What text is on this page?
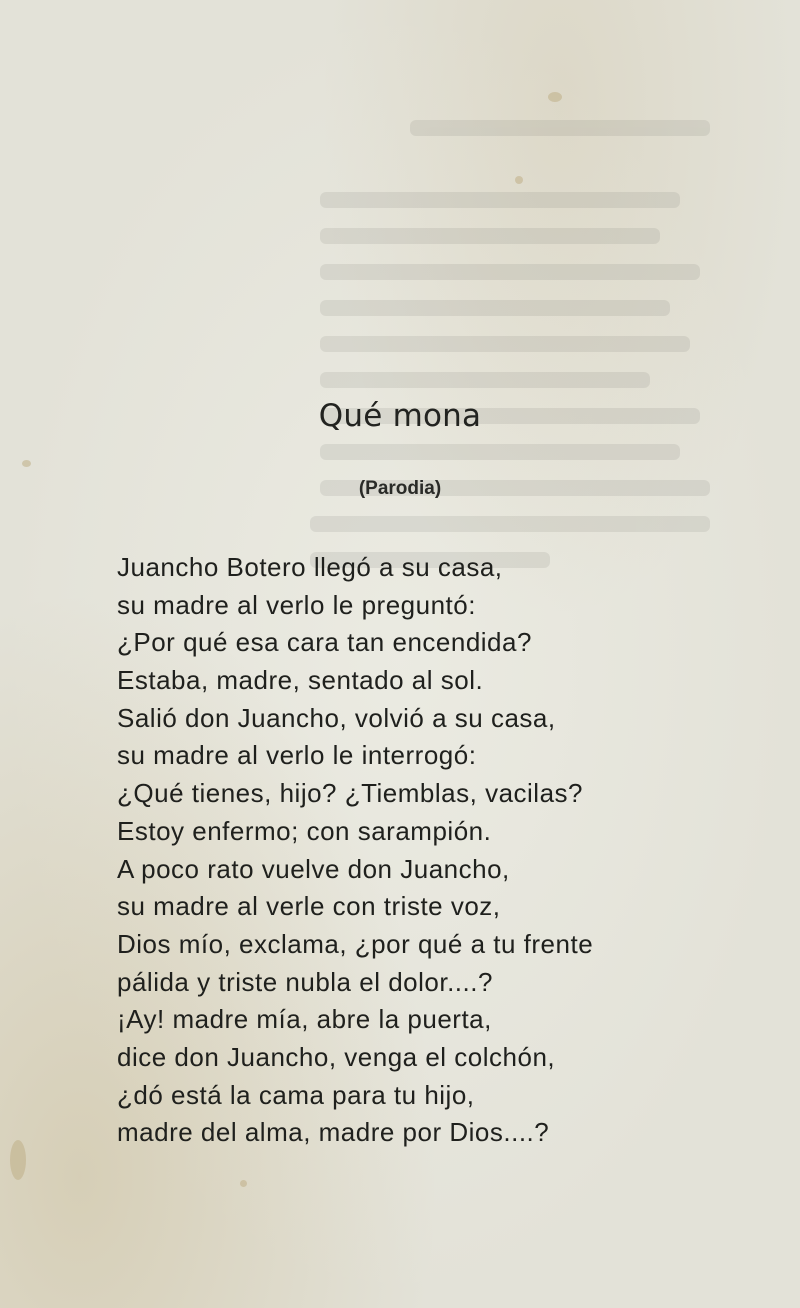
Qué mona
(Parodia)
Juancho Botero llegó a su casa,
su madre al verlo le preguntó:
¿Por qué esa cara tan encendida?
Estaba, madre, sentado al sol.
Salió don Juancho, volvió a su casa,
su madre al verlo le interrogó:
¿Qué tienes, hijo? ¿Tiemblas, vacilas?
Estoy enfermo; con sarampión.
A poco rato vuelve don Juancho,
su madre al verle con triste voz,
Dios mío, exclama, ¿por qué a tu frente
pálida y triste nubla el dolor....?
¡Ay! madre mía, abre la puerta,
dice don Juancho, venga el colchón,
¿dó está la cama para tu hijo,
madre del alma, madre por Dios....?
